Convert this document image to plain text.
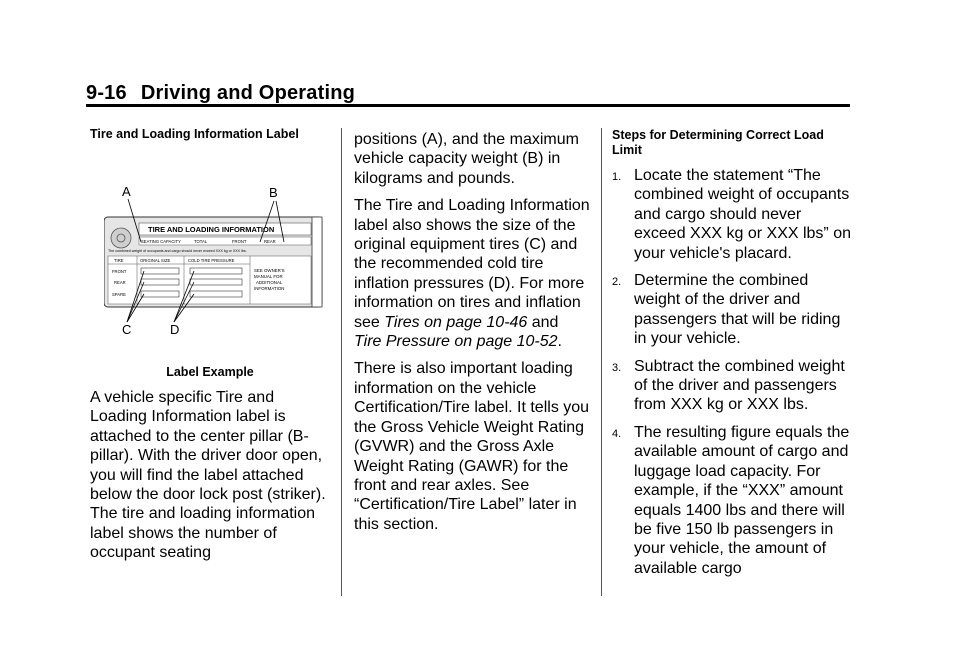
9-16 Driving and Operating
Tire and Loading Information Label
A	B
C	D
TIRE AND LOADING INFORMATION
SEATING CAPACITY	TOTAL	FRONT	REAR
The combined weight of occupants and cargo should never exceed XXX kg or XXX lbs.
TIRE	ORIGINAL SIZE	COLD TIRE PRESSURE
FRONT
REAR
SPARE
SEE OWNER'S
MANUAL FOR
ADDITIONAL
INFORMATION
Label Example

A vehicle specific Tire and Loading Information label is attached to the center pillar (B-pillar). With the driver door open, you will find the label attached below the door lock post (striker). The tire and loading information label shows the number of occupant seating

positions (A), and the maximum vehicle capacity weight (B) in kilograms and pounds.

The Tire and Loading Information label also shows the size of the original equipment tires (C) and the recommended cold tire inflation pressures (D). For more information on tires and inflation see Tires on page 10-46 and Tire Pressure on page 10-52.

There is also important loading information on the vehicle Certification/Tire label. It tells you the Gross Vehicle Weight Rating (GVWR) and the Gross Axle Weight Rating (GAWR) for the front and rear axles. See “Certification/Tire Label” later in this section.

Steps for Determining Correct Load Limit
1. Locate the statement “The combined weight of occupants and cargo should never exceed XXX kg or XXX lbs” on your vehicle's placard.
2. Determine the combined weight of the driver and passengers that will be riding in your vehicle.
3. Subtract the combined weight of the driver and passengers from XXX kg or XXX lbs.
4. The resulting figure equals the available amount of cargo and luggage load capacity. For example, if the “XXX” amount equals 1400 lbs and there will be five 150 lb passengers in your vehicle, the amount of available cargo
